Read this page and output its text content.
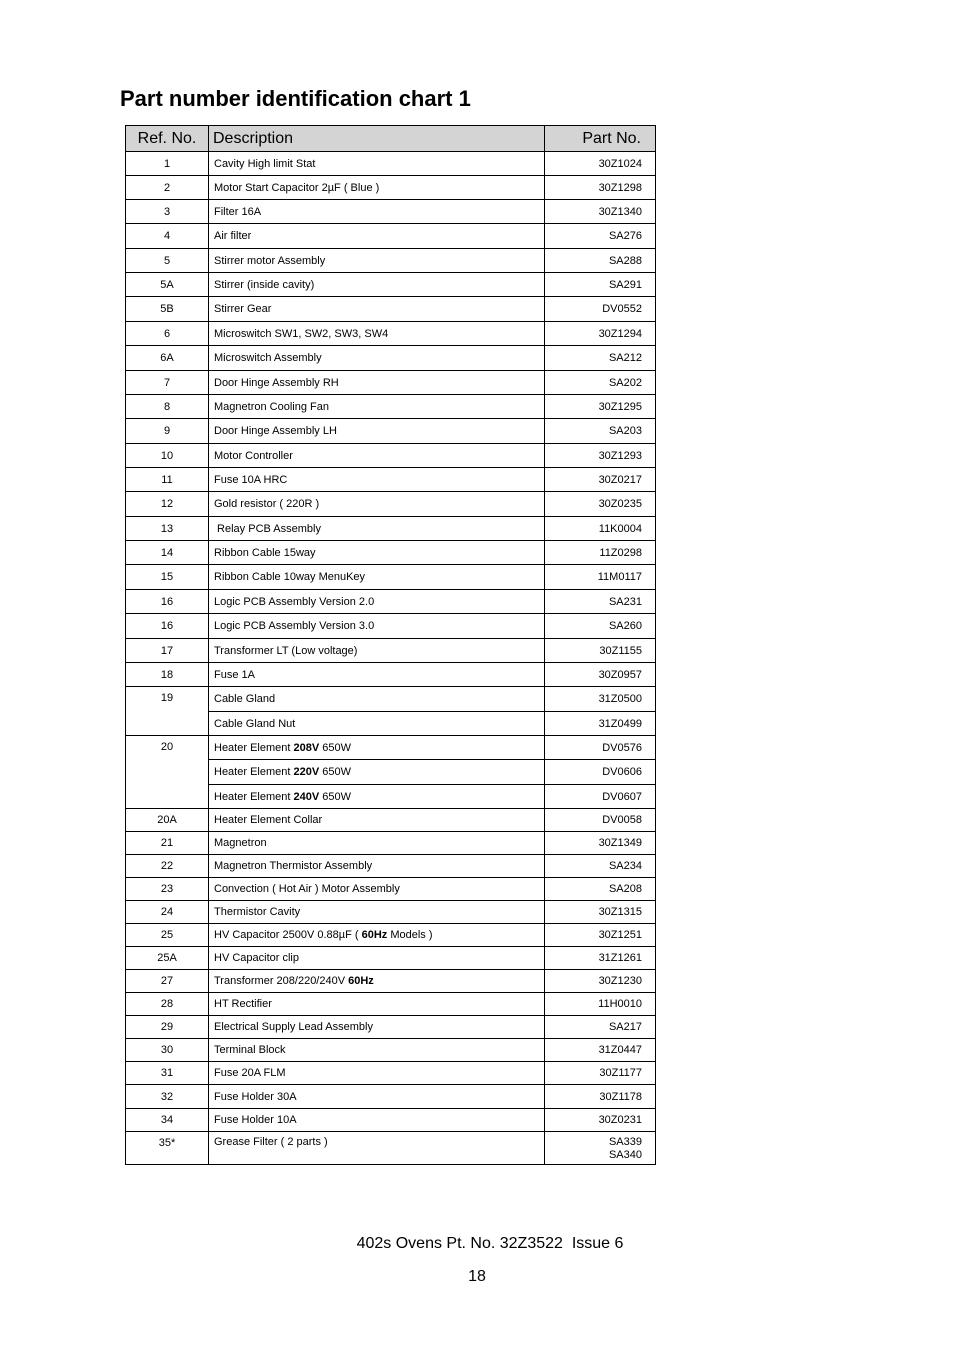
Part number identification chart 1
Ref. No.	Description	Part No.
1	Cavity High limit Stat	30Z1024
2	Motor Start Capacitor 2µF ( Blue )	30Z1298
3	Filter 16A	30Z1340
4	Air filter	SA276
5	Stirrer motor Assembly	SA288
5A	Stirrer (inside cavity)	SA291
5B	Stirrer Gear	DV0552
6	Microswitch SW1, SW2, SW3, SW4	30Z1294
6A	Microswitch Assembly	SA212
7	Door Hinge Assembly RH	SA202
8	Magnetron Cooling Fan	30Z1295
9	Door Hinge Assembly LH	SA203
10	Motor Controller	30Z1293
11	Fuse 10A HRC	30Z0217
12	Gold resistor ( 220R )	30Z0235
13	Relay PCB Assembly	11K0004
14	Ribbon Cable 15way	11Z0298
15	Ribbon Cable 10way MenuKey	11M0117
16	Logic PCB Assembly Version 2.0	SA231
16	Logic PCB Assembly Version 3.0	SA260
17	Transformer LT (Low voltage)	30Z1155
18	Fuse 1A	30Z0957
19	Cable Gland	31Z0500
	Cable Gland Nut	31Z0499
20	Heater Element 208V 650W	DV0576
	Heater Element 220V 650W	DV0606
	Heater Element 240V 650W	DV0607
20A	Heater Element Collar	DV0058
21	Magnetron	30Z1349
22	Magnetron Thermistor Assembly	SA234
23	Convection ( Hot Air ) Motor Assembly	SA208
24	Thermistor Cavity	30Z1315
25	HV Capacitor 2500V 0.88µF ( 60Hz Models )	30Z1251
25A	HV Capacitor clip	31Z1261
27	Transformer 208/220/240V 60Hz	30Z1230
28	HT Rectifier	11H0010
29	Electrical Supply Lead Assembly	SA217
30	Terminal Block	31Z0447
31	Fuse 20A FLM	30Z1177
32	Fuse Holder 30A	30Z1178
34	Fuse Holder 10A	30Z0231
35*	Grease Filter ( 2 parts )	SA339
SA340
402s Ovens Pt. No. 32Z3522  Issue 6
18
